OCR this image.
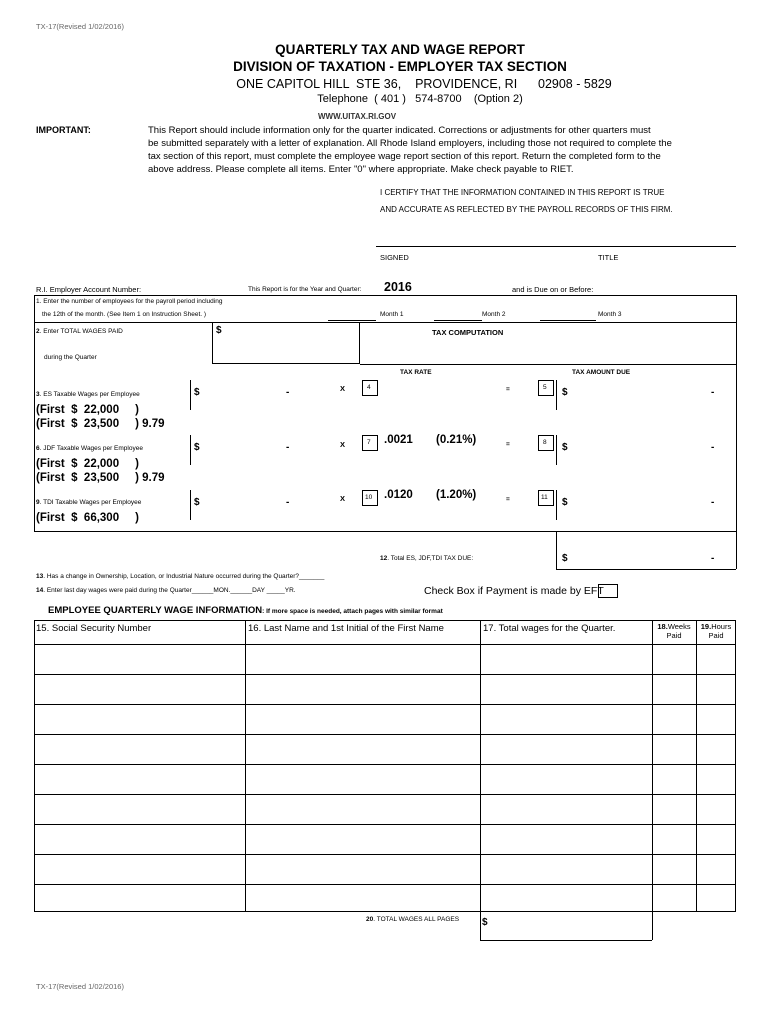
TX-17(Revised 1/02/2016)
QUARTERLY TAX AND WAGE REPORT
DIVISION OF TAXATION - EMPLOYER TAX SECTION
ONE CAPITOL HILL  STE 36,    PROVIDENCE, RI      02908 - 5829
Telephone  ( 401 )   574-8700    (Option 2)
WWW.UITAX.RI.GOV
IMPORTANT:	This Report should include information only for the quarter indicated. Corrections or adjustments for other quarters must
be submitted separately with a letter of explanation. All Rhode Island employers, including those not required to complete the
tax section of this report, must complete the employee wage report section of this report. Return the completed form to the
above address. Please complete all items. Enter "0" where appropriate. Make check payable to RIET.
I CERTIFY THAT THE INFORMATION CONTAINED IN THIS REPORT IS TRUE
AND ACCURATE AS REFLECTED BY THE PAYROLL RECORDS OF THIS FIRM.
SIGNED	TITLE
R.I. Employer Account Number:	This Report is for the Year and Quarter: 2016	and is Due on or Before:
1. Enter the number of employees for the payroll period including
the 12th of the month. (See Item 1 on Instruction Sheet. )	Month 1	Month 2	Month 3
2. Enter TOTAL WAGES PAID
during the Quarter
$	TAX COMPUTATION
TAX RATE	TAX AMOUNT DUE
3. ES Taxable Wages per Employee	$	-	X	4	=	5	$	-
(First  $  22,000     )
(First  $  23,500     ) 9.79
6. JDF Taxable Wages per Employee	$	-	X	7	.0021 (0.21%)	=	8	$	-
(First  $  22,000     )
(First  $  23,500     ) 9.79
9. TDI Taxable Wages per Employee	$	-	X	10	.0120 (1.20%)	=	11	$	-
(First  $  66,300     )
12. Total ES, JDF,TDI TAX DUE:	$	-
13. Has a change in Ownership, Location, or Industrial Nature occurred during the Quarter?_______
14. Enter last day wages were paid during the Quarter______MON.______DAY _____YR.	Check Box if Payment is made by EFT
EMPLOYEE QUARTERLY WAGE INFORMATION: If more space is needed, attach pages with similar format
15. Social Security Number	16. Last Name and 1st Initial of the First Name	17. Total wages for the Quarter.	18.Weeks
Paid
19.Hours
Paid
20. TOTAL WAGES ALL PAGES $
TX-17(Revised 1/02/2016)
